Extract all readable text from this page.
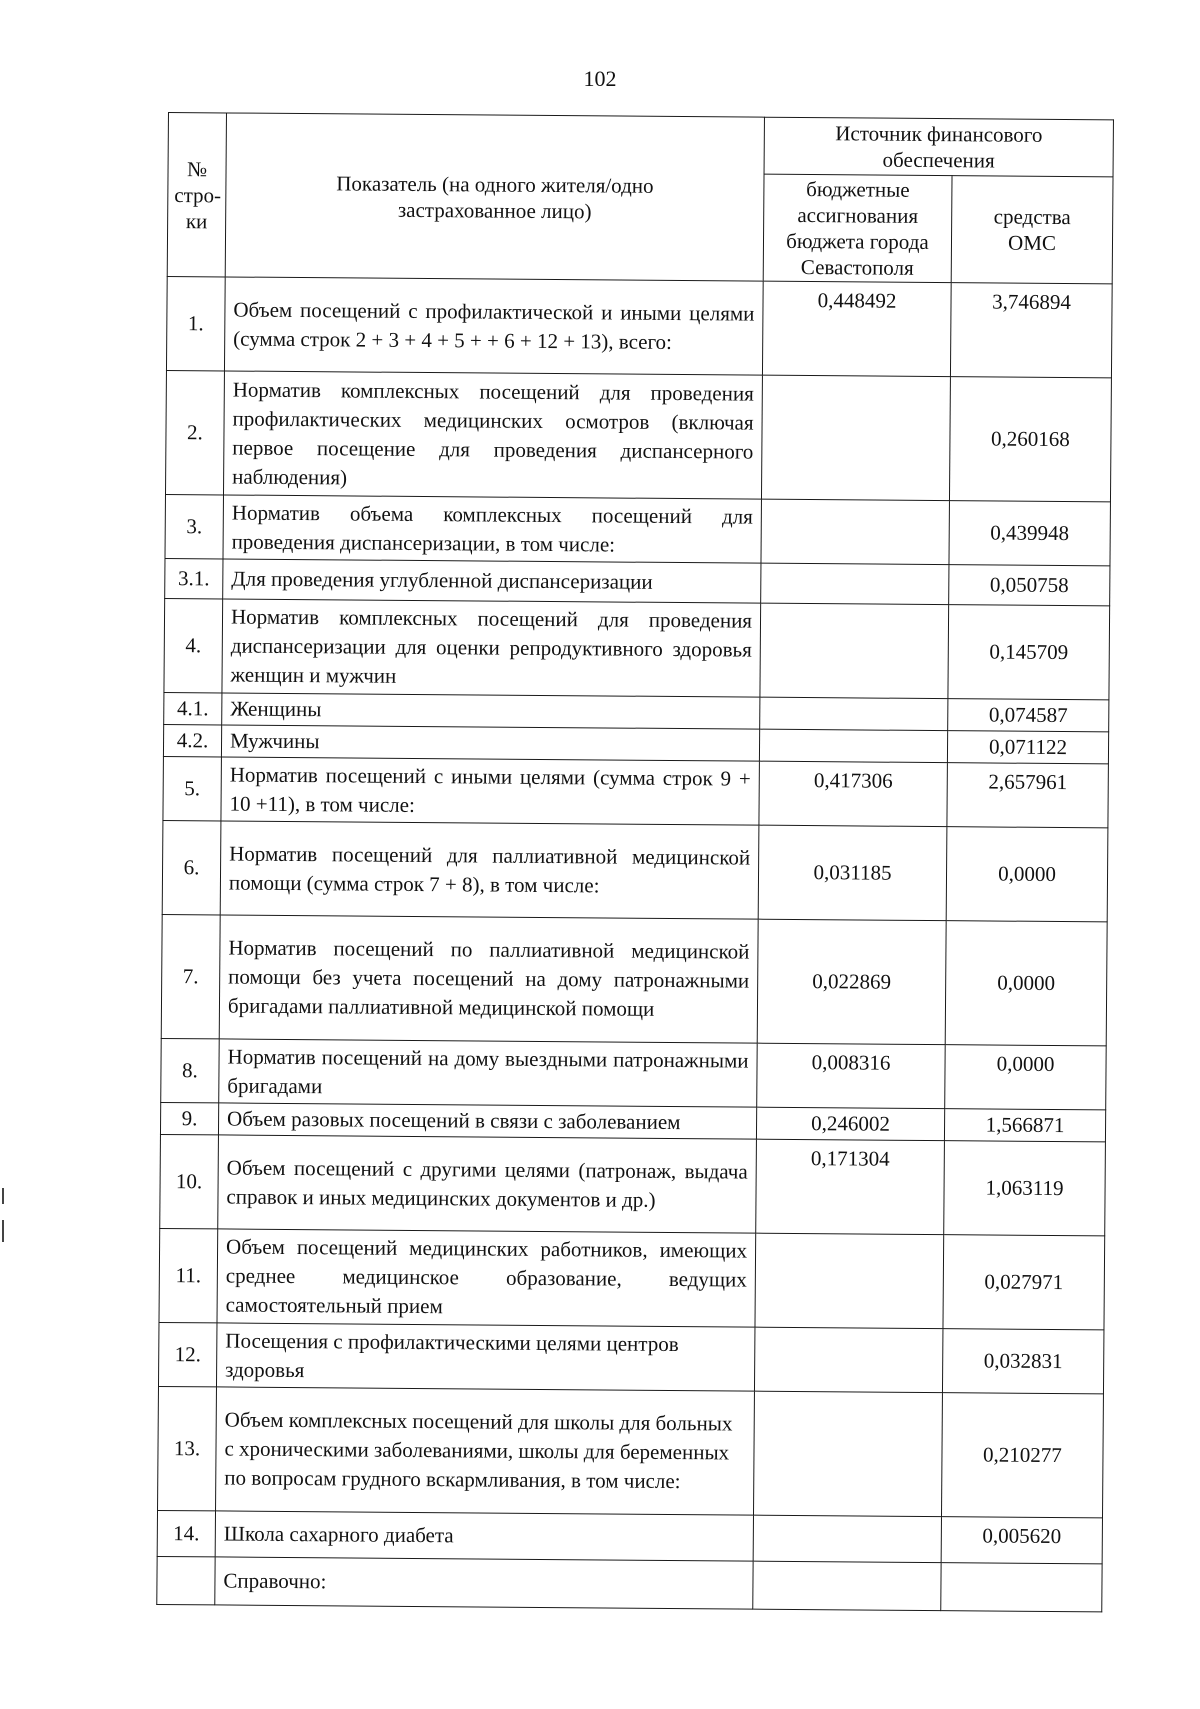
102
№ стро-ки	Показатель (на одного жителя/одно застрахованное лицо)	Источник финансового обеспечения	
		бюджетные ассигнования бюджета города Севастополя	средства ОМС
1.	Объем посещений с профилактической и иными целями (сумма строк 2 + 3 + 4 + 5 + + 6 + 12 + 13), всего:	0,448492	3,746894
2.	Норматив комплексных посещений для проведения профилактических медицинских осмотров (включая первое посещение для проведения диспансерного наблюдения)		0,260168
3.	Норматив объема комплексных посещений для проведения диспансеризации, в том числе:		0,439948
3.1.	Для проведения углубленной диспансеризации		0,050758
4.	Норматив комплексных посещений для проведения диспансеризации для оценки репродуктивного здоровья женщин и мужчин		0,145709
4.1.	Женщины		0,074587
4.2.	Мужчины		0,071122
5.	Норматив посещений с иными целями (сумма строк 9 + 10 +11), в том числе:	0,417306	2,657961
6.	Норматив посещений для паллиативной медицинской помощи (сумма строк 7 + 8), в том числе:	0,031185	0,0000
7.	Норматив посещений по паллиативной медицинской помощи без учета посещений на дому патронажными бригадами паллиативной медицинской помощи	0,022869	0,0000
8.	Норматив посещений на дому выездными патронажными бригадами	0,008316	0,0000
9.	Объем разовых посещений в связи с заболеванием	0,246002	1,566871
10.	Объем посещений с другими целями (патронаж, выдача справок и иных медицинских документов и др.)	0,171304	1,063119
11.	Объем посещений медицинских работников, имеющих среднее медицинское образование, ведущих самостоятельный прием		0,027971
12.	Посещения с профилактическими целями центров здоровья		0,032831
13.	Объем комплексных посещений для школы для больных с хроническими заболеваниями, школы для беременных по вопросам грудного вскармливания, в том числе:		0,210277
14.	Школа сахарного диабета		0,005620
	Справочно:		
